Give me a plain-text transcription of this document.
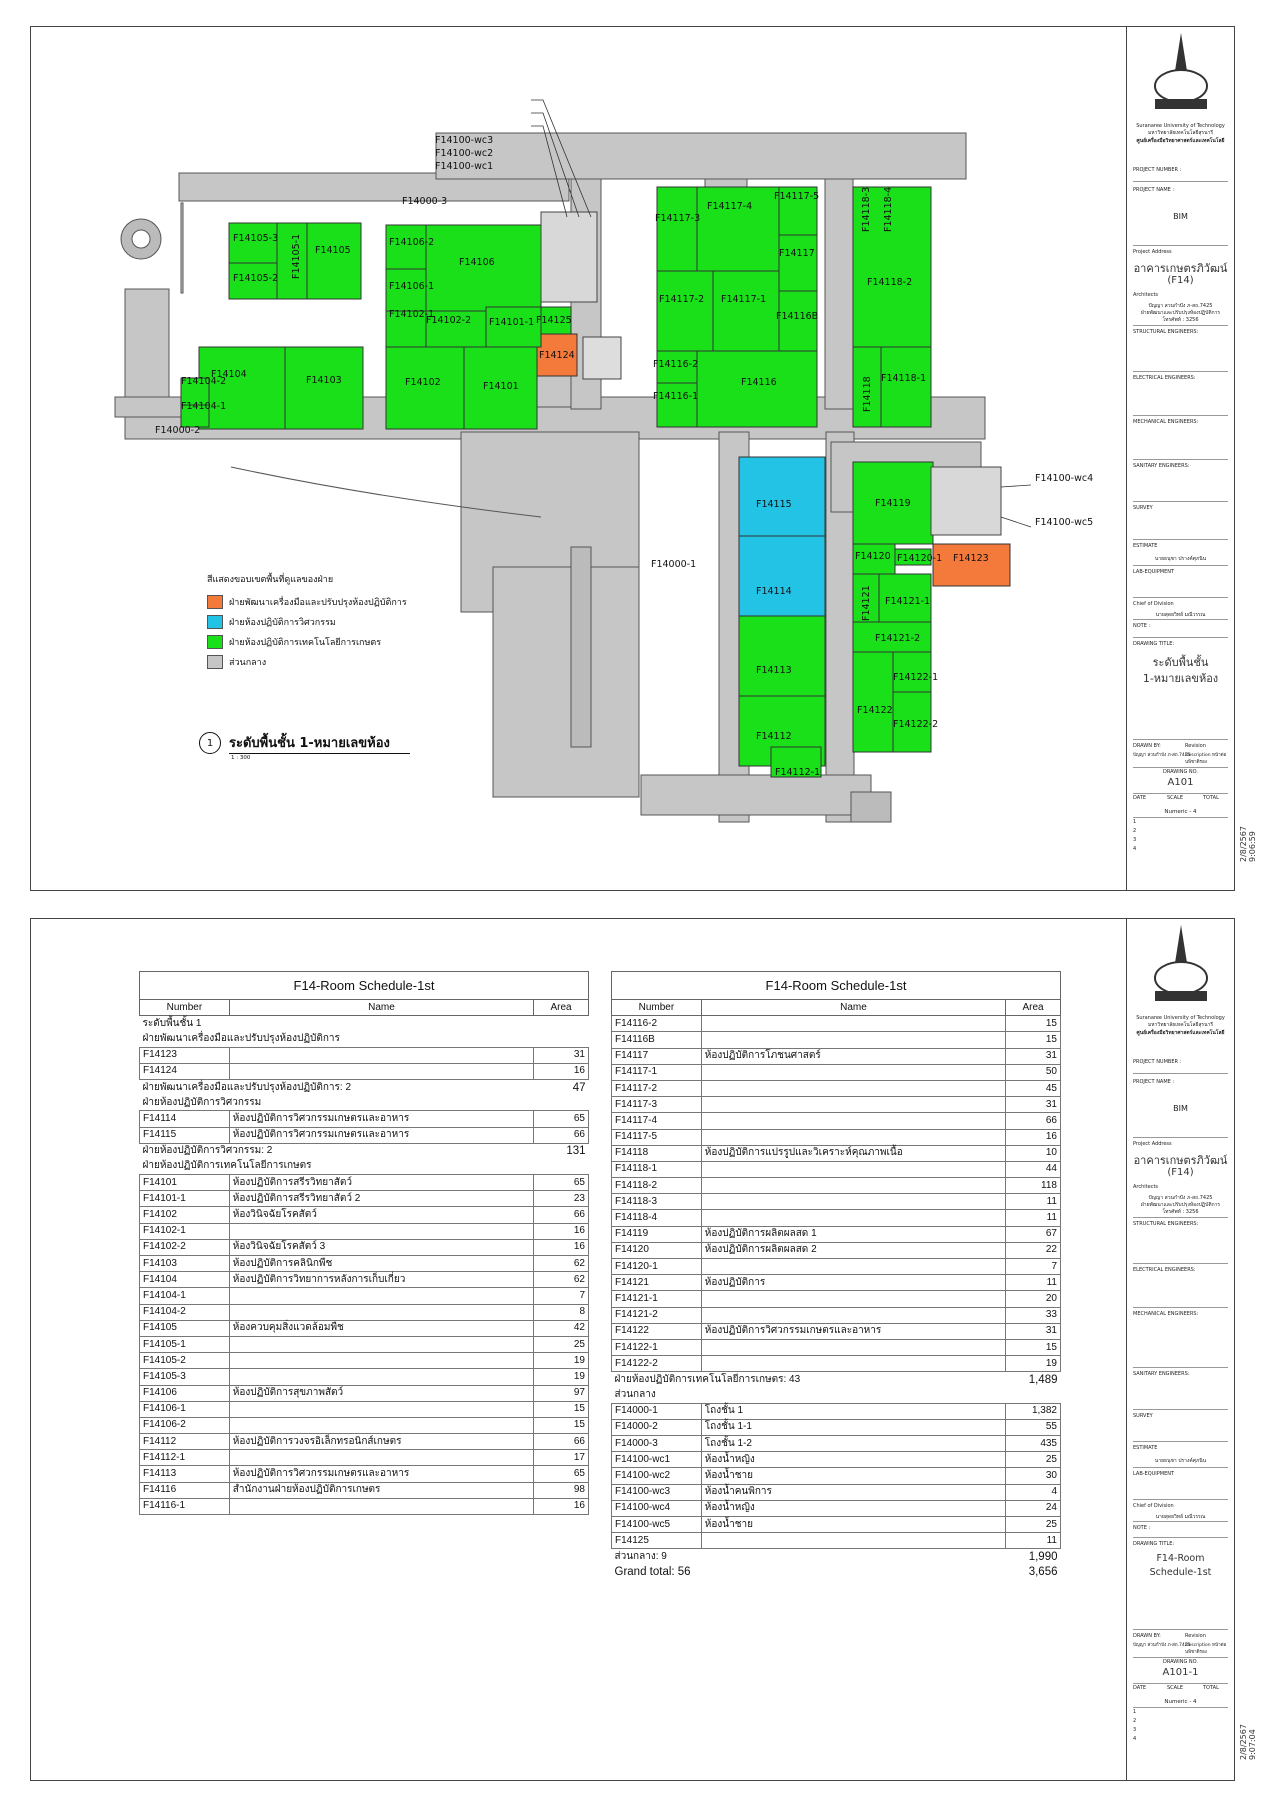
F14105-3
F14105-2 F14105-1 F14105
F14106-2
F14106-1
F14106
F14102-1
F14102-2 F14101-1 F14125
F14104
F14103
F14104-2
F14104-1
F14102	F14101
F14124
F14117-3
F14117-4
F14117-5
F14117
F14117-2 F14117-1
F14116B
F14116-2
F14116-1
F14116
F14118-3 F14118-4
F14118-2
F14118-1
F14118
F14115
F14114
F14113
F14112
F14112-1
F14119
F14120 F14120-1 F14123
F14121 F14121-1
F14121-2
F14122
F14122-1
F14122-2
F14000-1
F14000-2
F14000-3
F14100-wc3
F14100-wc2
F14100-wc1
F14100-wc4
F14100-wc5
สีแสดงขอบเขตพื้นที่ดูแลของฝ่าย
ฝ่ายพัฒนาเครื่องมือและปรับปรุงห้องปฏิบัติการ
ฝ่ายห้องปฏิบัติการวิศวกรรม
ฝ่ายห้องปฏิบัติการเทคโนโลยีการเกษตร
ส่วนกลาง
1	ระดับพื้นชั้น 1-หมายเลขห้อง
1 : 300
Suranaree University of Technology
มหาวิทยาลัยเทคโนโลยีสุรนารี
ศูนย์เครื่องมือวิทยาศาสตร์และเทคโนโลยี
PROJECT NUMBER :
PROJECT NAME :
BIM
Project Address
อาคารเกษตรภิวัฒน์
(F14)
Architects
ปัญญา สวนกำปัง ภ-สถ.7425
ฝ่ายพัฒนาและปรับปรุงห้องปฏิบัติการ
โทรศัพท์ : 3256
STRUCTURAL ENGINEERS:
ELECTRICAL ENGINEERS:
MECHANICAL ENGINEERS:
SANITARY ENGINEERS:
SURVEY
ESTIMATE
นายธนุชา ปรางค์ศุภนิน
LAB-EQUIPMENT
Chief of Division
นายสุดยวิทย์ มณีวรรณ
NOTE :
DRAWING TITLE:
ระดับพื้นชั้น
1-หมายเลขห้อง
DRAWN BY:
ปัญญา สวนกำปัง ภ-สถ.7425
Revision
Description หน้าต่อนพิชาติรอง
DRAWING NO.
A101
DATE	SCALE	TOTAL
Numeric - 4
1
2
3
4	2/8/2567 9:06:59
F14-Room Schedule-1st		
Number	Name	Area
ระดับพื้นชั้น 1		
ฝ่ายพัฒนาเครื่องมือและปรับปรุงห้องปฏิบัติการ		
F14123		31
F14124		16
ฝ่ายพัฒนาเครื่องมือและปรับปรุงห้องปฏิบัติการ: 2		47
ฝ่ายห้องปฏิบัติการวิศวกรรม		
F14114	ห้องปฏิบัติการวิศวกรรมเกษตรและอาหาร	65
F14115	ห้องปฏิบัติการวิศวกรรมเกษตรและอาหาร	66
ฝ่ายห้องปฏิบัติการวิศวกรรม: 2		131
ฝ่ายห้องปฏิบัติการเทคโนโลยีการเกษตร		
F14101	ห้องปฏิบัติการสรีรวิทยาสัตว์	65
F14101-1	ห้องปฏิบัติการสรีรวิทยาสัตว์ 2	23
F14102	ห้องวินิจฉัยโรคสัตว์	66
F14102-1		16
F14102-2	ห้องวินิจฉัยโรคสัตว์ 3	16
F14103	ห้องปฏิบัติการคลินิกพืช	62
F14104	ห้องปฏิบัติการวิทยาการหลังการเก็บเกี่ยว	62
F14104-1		7
F14104-2		8
F14105	ห้องควบคุมสิ่งแวดล้อมพืช	42
F14105-1		25
F14105-2		19
F14105-3		19
F14106	ห้องปฏิบัติการสุขภาพสัตว์	97
F14106-1		15
F14106-2		15
F14112	ห้องปฏิบัติการวงจรอิเล็กทรอนิกส์เกษตร	66
F14112-1		17
F14113	ห้องปฏิบัติการวิศวกรรมเกษตรและอาหาร	65
F14116	สำนักงานฝ่ายห้องปฏิบัติการเกษตร	98
F14116-1		16
F14-Room Schedule-1st		
Number	Name	Area
F14116-2		15
F14116B		15
F14117	ห้องปฏิบัติการโภชนศาสตร์	31
F14117-1		50
F14117-2		45
F14117-3		31
F14117-4		66
F14117-5		16
F14118	ห้องปฏิบัติการแปรรูปและวิเคราะห์คุณภาพเนื้อ	10
F14118-1		44
F14118-2		118
F14118-3		11
F14118-4		11
F14119	ห้องปฏิบัติการผลิตผลสด 1	67
F14120	ห้องปฏิบัติการผลิตผลสด 2	22
F14120-1		7
F14121	ห้องปฏิบัติการ	11
F14121-1		20
F14121-2		33
F14122	ห้องปฏิบัติการวิศวกรรมเกษตรและอาหาร	31
F14122-1		15
F14122-2		19
ฝ่ายห้องปฏิบัติการเทคโนโลยีการเกษตร: 43		1,489
ส่วนกลาง		
F14000-1	โถงชั้น 1	1,382
F14000-2	โถงชั้น 1-1	55
F14000-3	โถงชั้น 1-2	435
F14100-wc1	ห้องน้ำหญิง	25
F14100-wc2	ห้องน้ำชาย	30
F14100-wc3	ห้องน้ำคนพิการ	4
F14100-wc4	ห้องน้ำหญิง	24
F14100-wc5	ห้องน้ำชาย	25
F14125		11
ส่วนกลาง: 9		1,990
Grand total: 56		3,656
Suranaree University of Technology
มหาวิทยาลัยเทคโนโลยีสุรนารี
ศูนย์เครื่องมือวิทยาศาสตร์และเทคโนโลยี
PROJECT NUMBER :
PROJECT NAME :
BIM
Project Address
อาคารเกษตรภิวัฒน์
(F14)
Architects
ปัญญา สวนกำปัง ภ-สถ.7425
ฝ่ายพัฒนาและปรับปรุงห้องปฏิบัติการ
โทรศัพท์ : 3256
STRUCTURAL ENGINEERS:
ELECTRICAL ENGINEERS:
MECHANICAL ENGINEERS:
SANITARY ENGINEERS:
SURVEY
ESTIMATE
นายธนุชา ปรางค์ศุภนิน
LAB-EQUIPMENT
Chief of Division
นายสุดยวิทย์ มณีวรรณ
NOTE :
DRAWING TITLE:
F14-Room
Schedule-1st
DRAWN BY:
ปัญญา สวนกำปัง ภ-สถ.7425
Revision
Description หน้าต่อนพิชาติรอง
DRAWING NO.
A101-1
DATE	SCALE	TOTAL
Numeric - 4
1
2
3
4	2/8/2567 9:07:04
